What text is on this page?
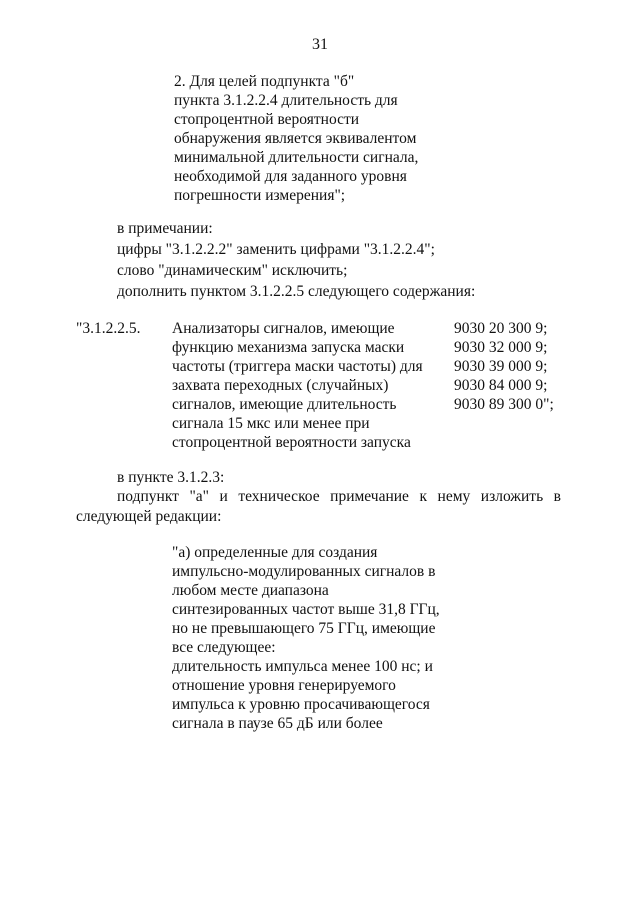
31
2. Для целей подпункта "б"
пункта 3.1.2.2.4 длительность для
стопроцентной вероятности
обнаружения является эквивалентом
минимальной длительности сигнала,
необходимой для заданного уровня
погрешности измерения";
в примечании:
цифры "3.1.2.2.2" заменить цифрами "3.1.2.2.4";
слово "динамическим" исключить;
дополнить пунктом 3.1.2.2.5 следующего содержания:
"3.1.2.2.5. Анализаторы сигналов, имеющие
функцию механизма запуска маски
частоты (триггера маски частоты) для
захвата переходных (случайных)
сигналов, имеющие длительность
сигнала 15 мкс или менее при
стопроцентной вероятности запуска
9030 20 300 9;
9030 32 000 9;
9030 39 000 9;
9030 84 000 9;
9030 89 300 0";
в пункте 3.1.2.3:
подпункт "а" и техническое примечание к нему изложить в
следующей редакции:
"а) определенные для создания
импульсно-модулированных сигналов в
любом месте диапазона
синтезированных частот выше 31,8 ГГц,
но не превышающего 75 ГГц, имеющие
все следующее:
длительность импульса менее 100 нс; и
отношение уровня генерируемого
импульса к уровню просачивающегося
сигнала в паузе 65 дБ или более
